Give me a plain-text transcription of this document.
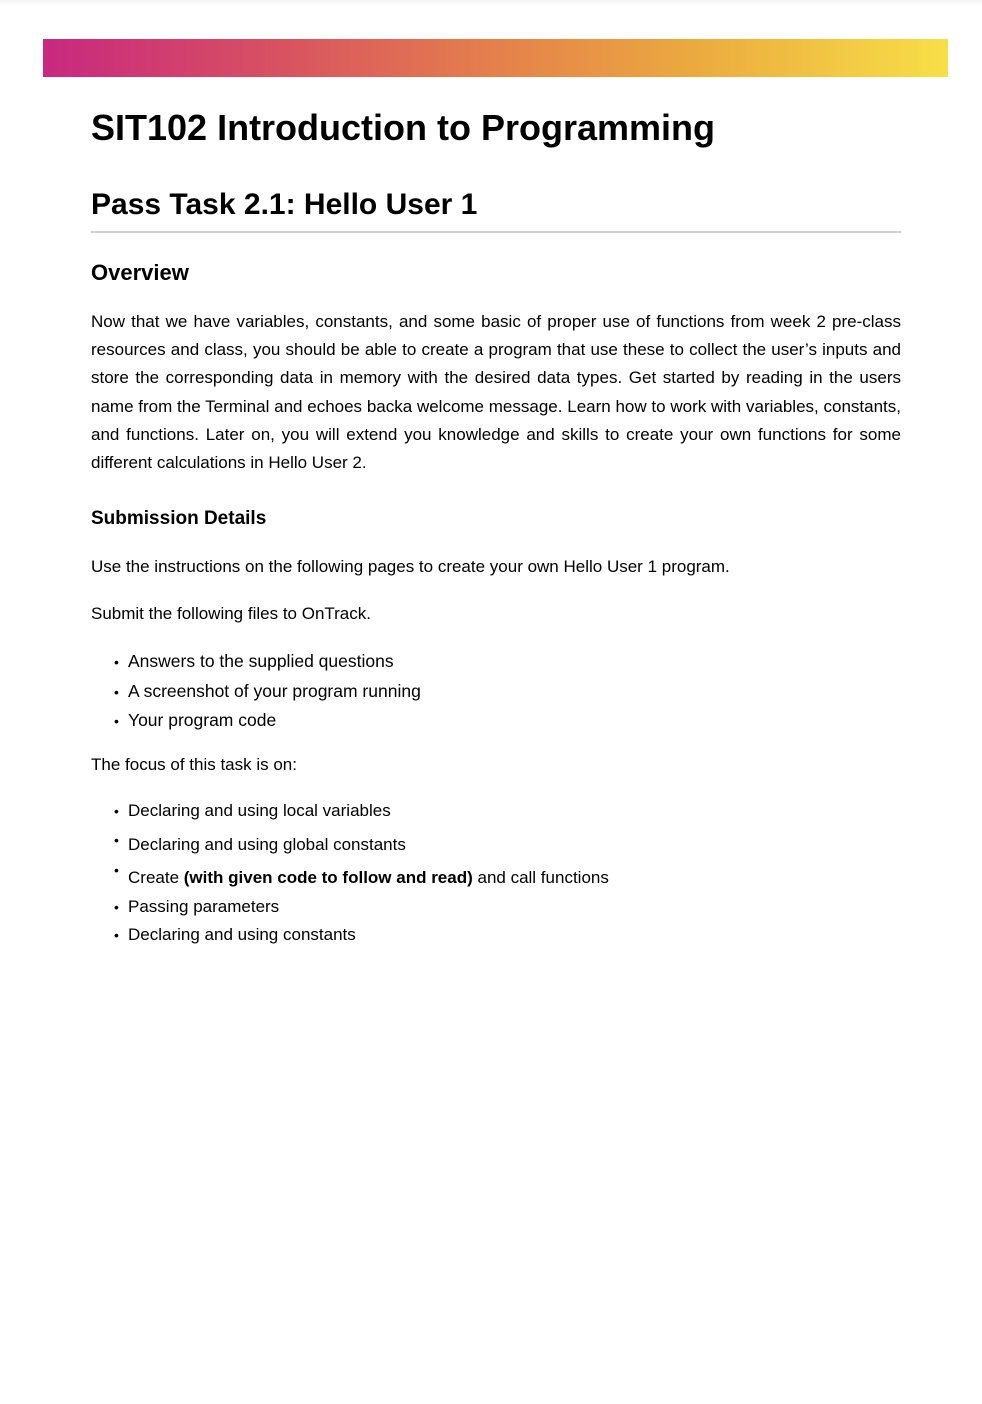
SIT102 Introduction to Programming
Pass Task 2.1: Hello User 1
Overview

Now that we have variables, constants, and some basic of proper use of functions from week 2 pre-class resources and class, you should be able to create a program that use these to collect the user’s inputs and store the corresponding data in memory with the desired data types. Get started by reading in the users name from the Terminal and echoes backa welcome message. Learn how to work with variables, constants, and functions. Later on, you will extend you knowledge and skills to create your own functions for some different calculations in Hello User 2.

Submission Details

Use the instructions on the following pages to create your own Hello User 1 program.

Submit the following files to OnTrack.

• Answers to the supplied questions
• A screenshot of your program running
• Your program code

The focus of this task is on:

• Declaring and using local variables
• Declaring and using global constants
• Create (with given code to follow and read) and call functions
• Passing parameters
• Declaring and using constants
